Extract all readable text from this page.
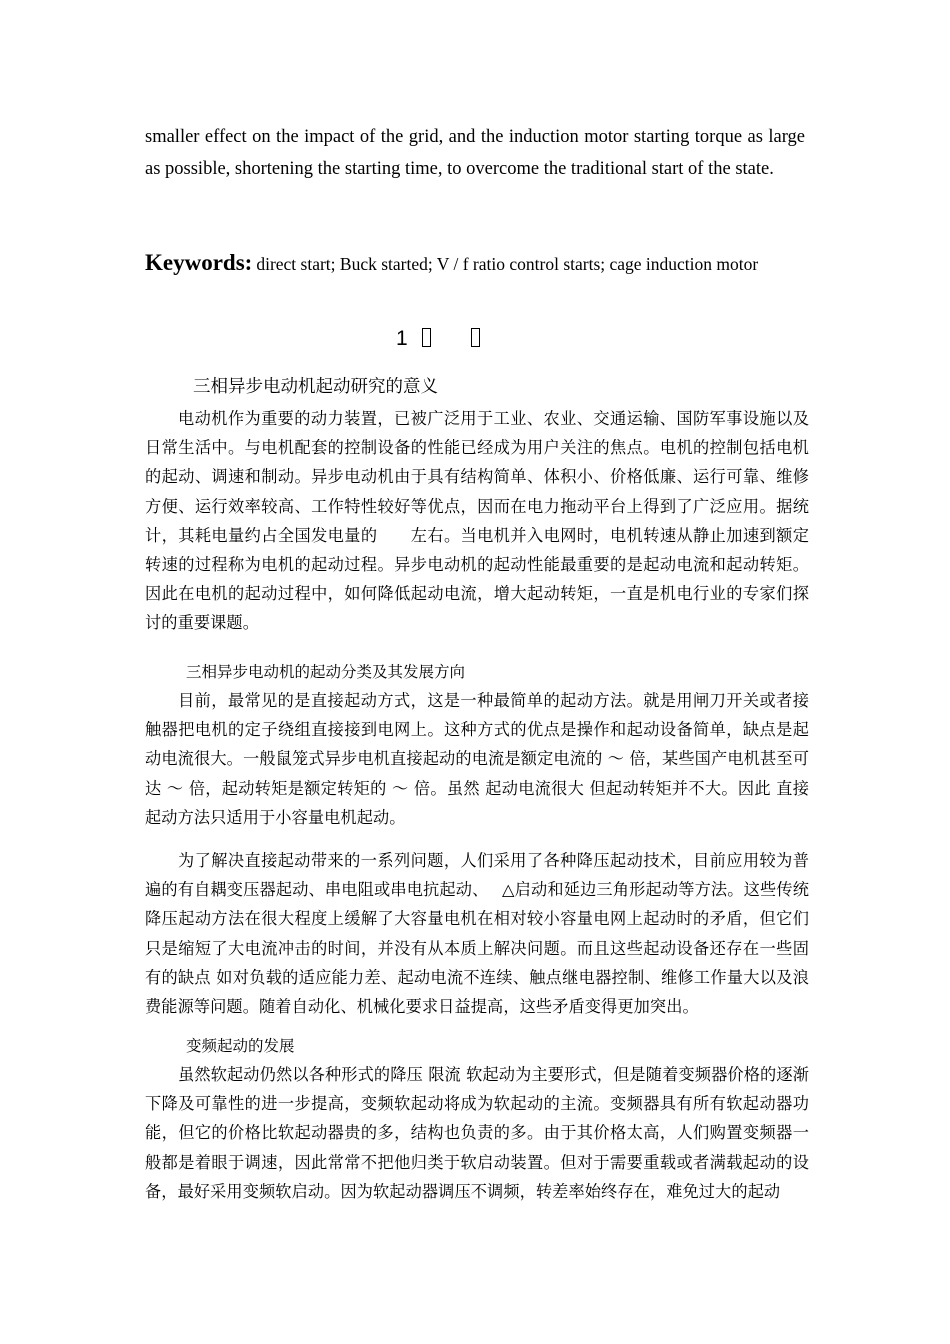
smaller effect on the impact of the grid, and the induction motor starting torque as large as possible, shortening the starting time, to overcome the traditional start of the state.

Keywords: direct start; Buck started; V / f ratio control starts; cage induction motor
1
三相异步电动机起动研究的意义

电动机作为重要的动力装置，已被广泛用于工业、农业、交通运输、国防军事设施以及日常生活中。与电机配套的控制设备的性能已经成为用户关注的焦点。电机的控制包括电机的起动、调速和制动。异步电动机由于具有结构简单、体积小、价格低廉、运行可靠、维修方便、运行效率较高、工作特性较好等优点，因而在电力拖动平台上得到了广泛应用。据统计，其耗电量约占全国发电量的　　左右。当电机并入电网时，电机转速从静止加速到额定转速的过程称为电机的起动过程。异步电动机的起动性能最重要的是起动电流和起动转矩。因此在电机的起动过程中，如何降低起动电流，增大起动转矩，一直是机电行业的专家们探讨的重要课题。

三相异步电动机的起动分类及其发展方向

目前，最常见的是直接起动方式，这是一种最简单的起动方法。就是用闸刀开关或者接触器把电机的定子绕组直接接到电网上。这种方式的优点是操作和起动设备简单，缺点是起动电流很大。一般鼠笼式异步电机直接起动的电流是额定电流的 ～ 倍，某些国产电机甚至可达 ～ 倍，起动转矩是额定转矩的 ～ 倍。虽然 起动电流很大 但起动转矩并不大。因此 直接起动方法只适用于小容量电机起动。

为了解决直接起动带来的一系列问题，人们采用了各种降压起动技术，目前应用较为普遍的有自耦变压器起动、串电阻或串电抗起动、　 △启动和延边三角形起动等方法。这些传统降压起动方法在很大程度上缓解了大容量电机在相对较小容量电网上起动时的矛盾，但它们只是缩短了大电流冲击的时间，并没有从本质上解决问题。而且这些起动设备还存在一些固有的缺点 如对负载的适应能力差、起动电流不连续、触点继电器控制、维修工作量大以及浪费能源等问题。随着自动化、机械化要求日益提高，这些矛盾变得更加突出。

变频起动的发展

虽然软起动仍然以各种形式的降压 限流 软起动为主要形式，但是随着变频器价格的逐渐下降及可靠性的进一步提高，变频软起动将成为软起动的主流。变频器具有所有软起动器功能，但它的价格比软起动器贵的多，结构也负责的多。由于其价格太高，人们购置变频器一般都是着眼于调速，因此常常不把他归类于软启动装置。但对于需要重载或者满载起动的设备，最好采用变频软启动。因为软起动器调压不调频，转差率始终存在，难免过大的起动
